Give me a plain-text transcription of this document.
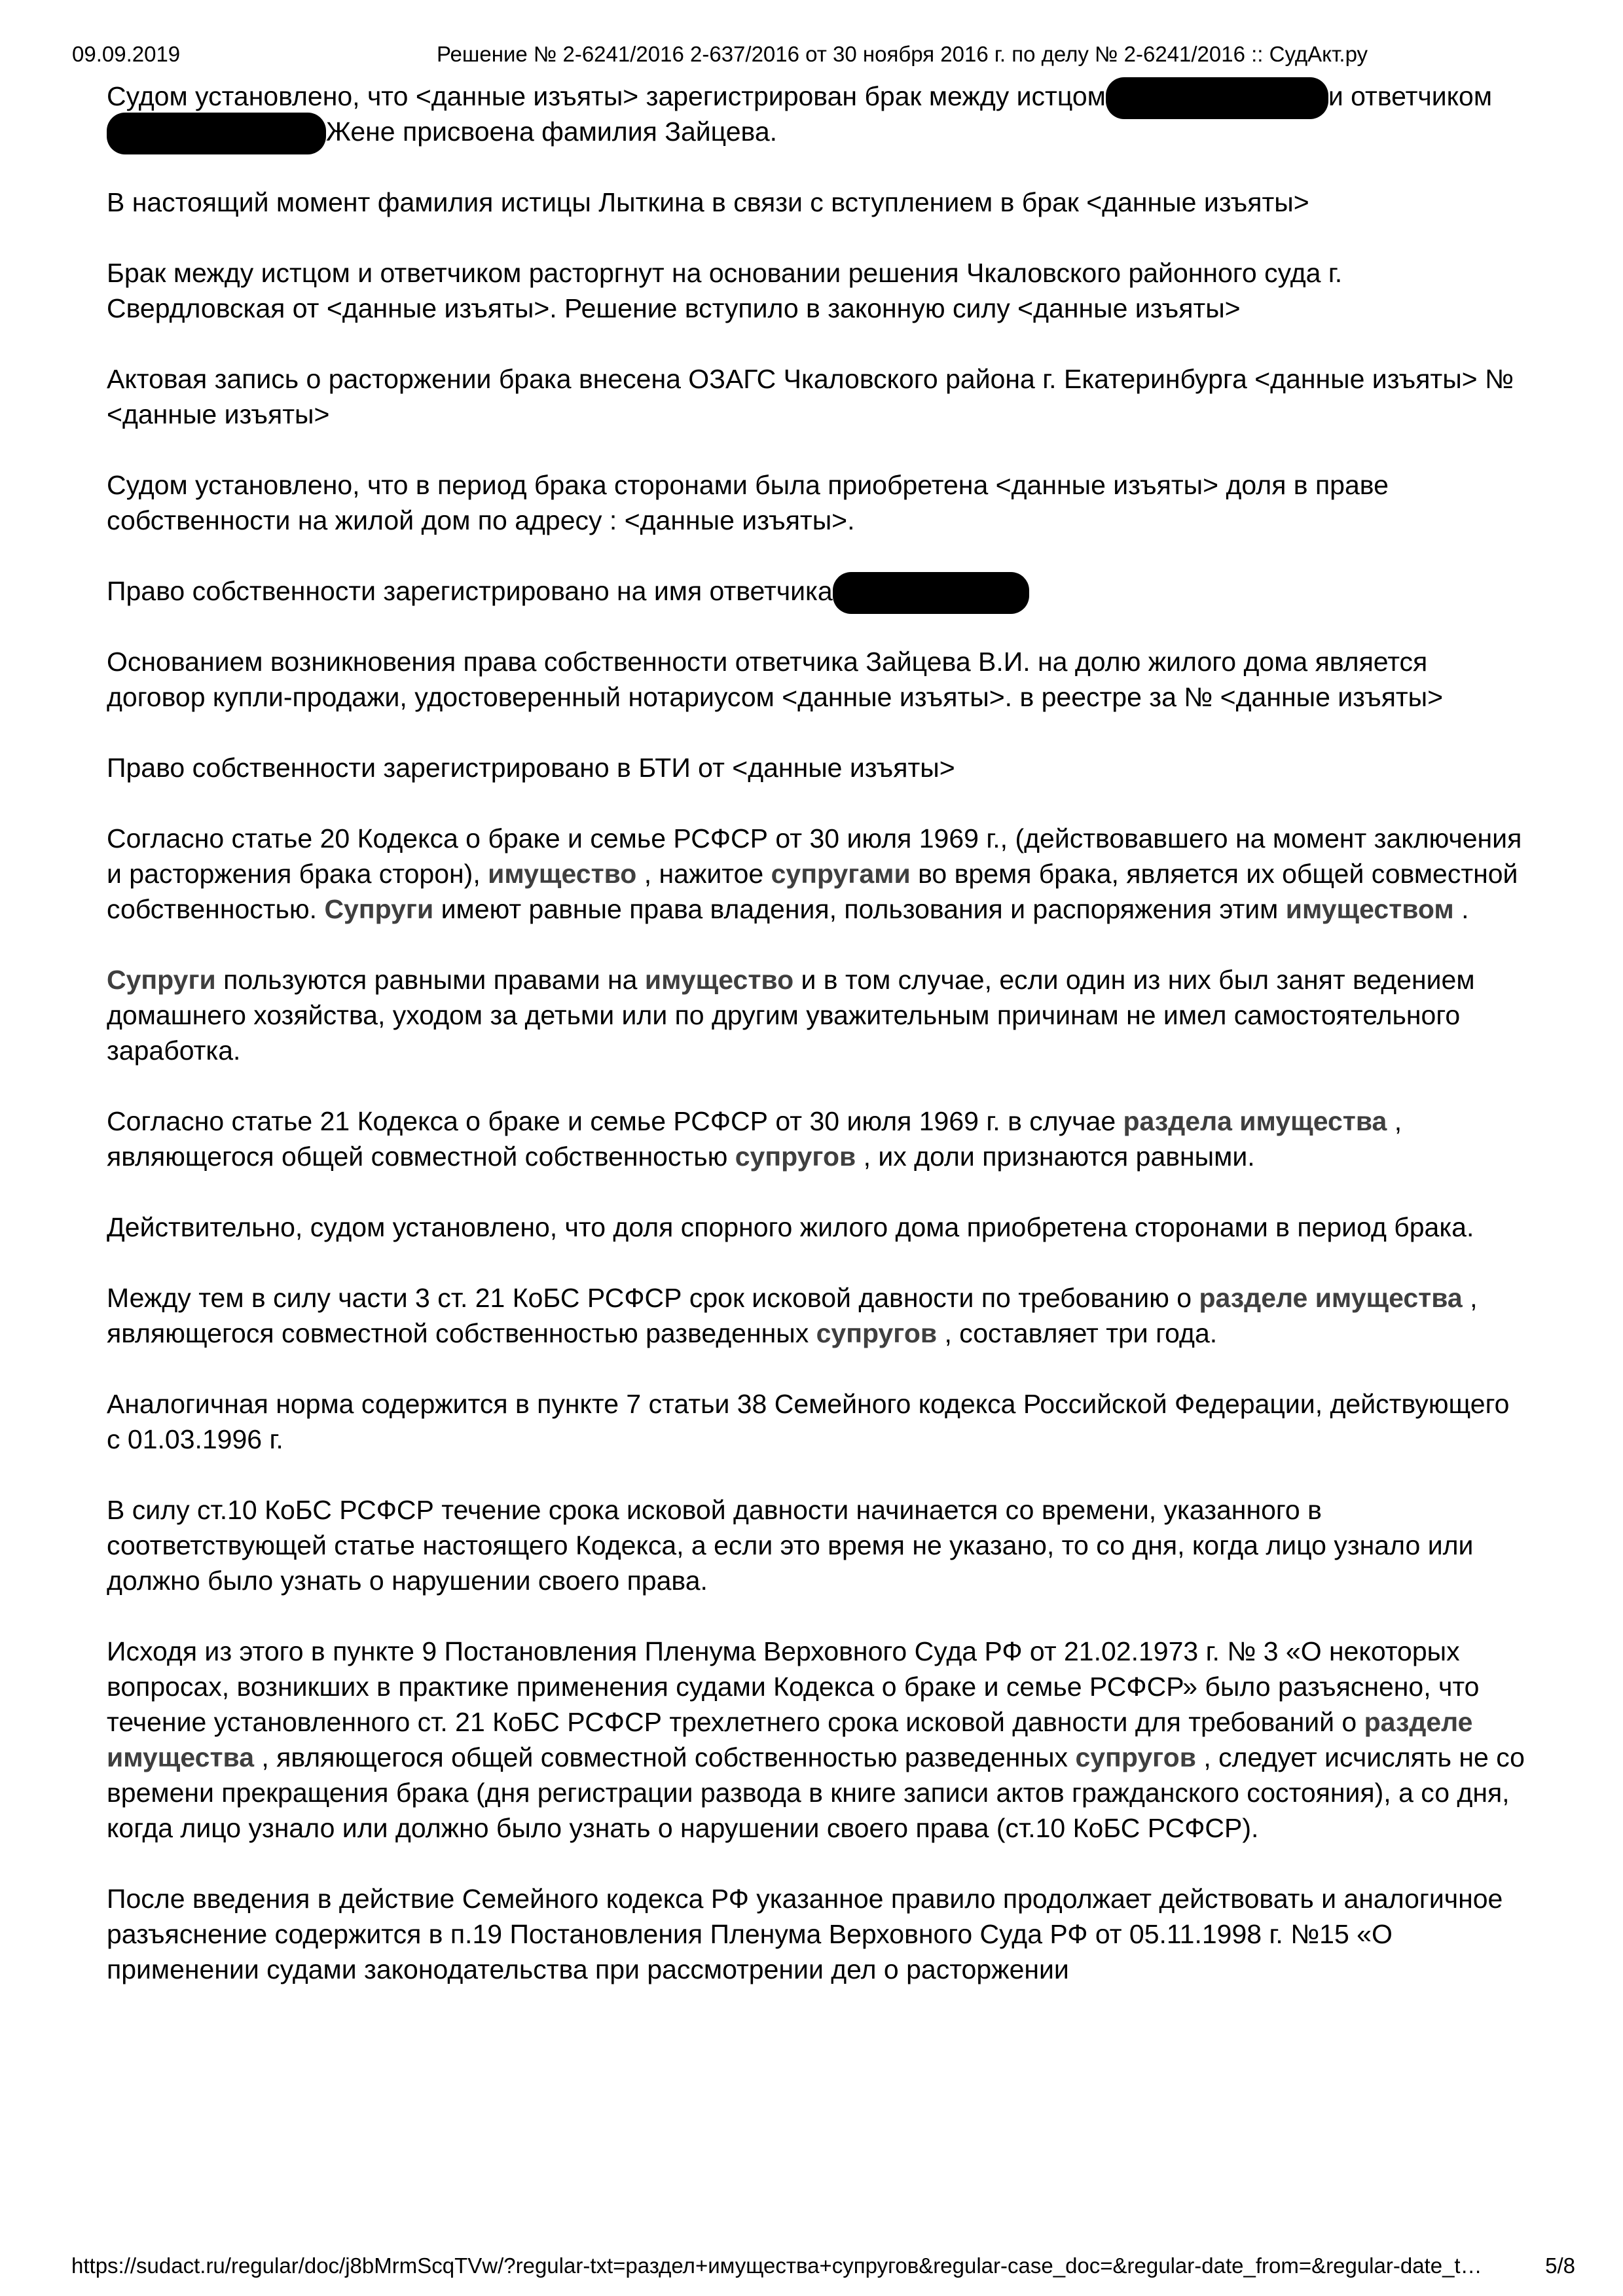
09.09.2019	Решение № 2-6241/2016 2-637/2016 от 30 ноября 2016 г. по делу № 2-6241/2016 :: СудАкт.ру

Судом установлено, что <данные изъяты> зарегистрирован брак между истцом	и ответчикомЖене присвоена фамилия Зайцева.

В настоящий момент фамилия истицы Лыткина в связи с вступлением в брак <данные изъяты>

Брак между истцом и ответчиком расторгнут на основании решения Чкаловского районного суда г. Свердловская от <данные изъяты>. Решение вступило в законную силу <данные изъяты>

Актовая запись о расторжении брака внесена ОЗАГС Чкаловского района г. Екатеринбурга <данные изъяты> № <данные изъяты>

Судом установлено, что в период брака сторонами была приобретена <данные изъяты> доля в праве собственности на жилой дом по адресу : <данные изъяты>.

Право собственности зарегистрировано на имя ответчика

Основанием возникновения права собственности ответчика Зайцева В.И. на долю жилого дома является договор купли-продажи, удостоверенный нотариусом <данные изъяты>. в реестре за № <данные изъяты>

Право собственности зарегистрировано в БТИ от <данные изъяты>

Согласно статье 20 Кодекса о браке и семье РСФСР от 30 июля 1969 г., (действовавшего на момент заключения и расторжения брака сторон), имущество , нажитое супругами во время брака, является их общей совместной собственностью. Супруги имеют равные права владения, пользования и распоряжения этим имуществом .

Супруги пользуются равными правами на имущество и в том случае, если один из них был занят ведением домашнего хозяйства, уходом за детьми или по другим уважительным причинам не имел самостоятельного заработка.

Согласно статье 21 Кодекса о браке и семье РСФСР от 30 июля 1969 г. в случае раздела имущества , являющегося общей совместной собственностью супругов , их доли признаются равными.

Действительно, судом установлено, что доля спорного жилого дома приобретена сторонами в период брака.

Между тем в силу части 3 ст. 21 КоБС РСФСР срок исковой давности по требованию о разделе имущества , являющегося совместной собственностью разведенных супругов , составляет три года.

Аналогичная норма содержится в пункте 7 статьи 38 Семейного кодекса Российской Федерации, действующего с 01.03.1996 г.

В силу ст.10 КоБС РСФСР течение срока исковой давности начинается со времени, указанного в соответствующей статье настоящего Кодекса, а если это время не указано, то со дня, когда лицо узнало или должно было узнать о нарушении своего права.

Исходя из этого в пункте 9 Постановления Пленума Верховного Суда РФ от 21.02.1973 г. № 3 «О некоторых вопросах, возникших в практике применения судами Кодекса о браке и семье РСФСР» было разъяснено, что течение установленного ст. 21 КоБС РСФСР трехлетнего срока исковой давности для требований о разделе имущества , являющегося общей совместной собственностью разведенных супругов , следует исчислять не со времени прекращения брака (дня регистрации развода в книге записи актов гражданского состояния), а со дня, когда лицо узнало или должно было узнать о нарушении своего права (ст.10 КоБС РСФСР).

После введения в действие Семейного кодекса РФ указанное правило продолжает действовать и аналогичное разъяснение содержится в п.19 Постановления Пленума Верховного Суда РФ от 05.11.1998 г. №15 «О применении судами законодательства при рассмотрении дел о расторжении

https://sudact.ru/regular/doc/j8bMrmScqTVw/?regular-txt=раздел+имущества+супругов&regular-case_doc=&regular-date_from=&regular-date_t…	5/8
